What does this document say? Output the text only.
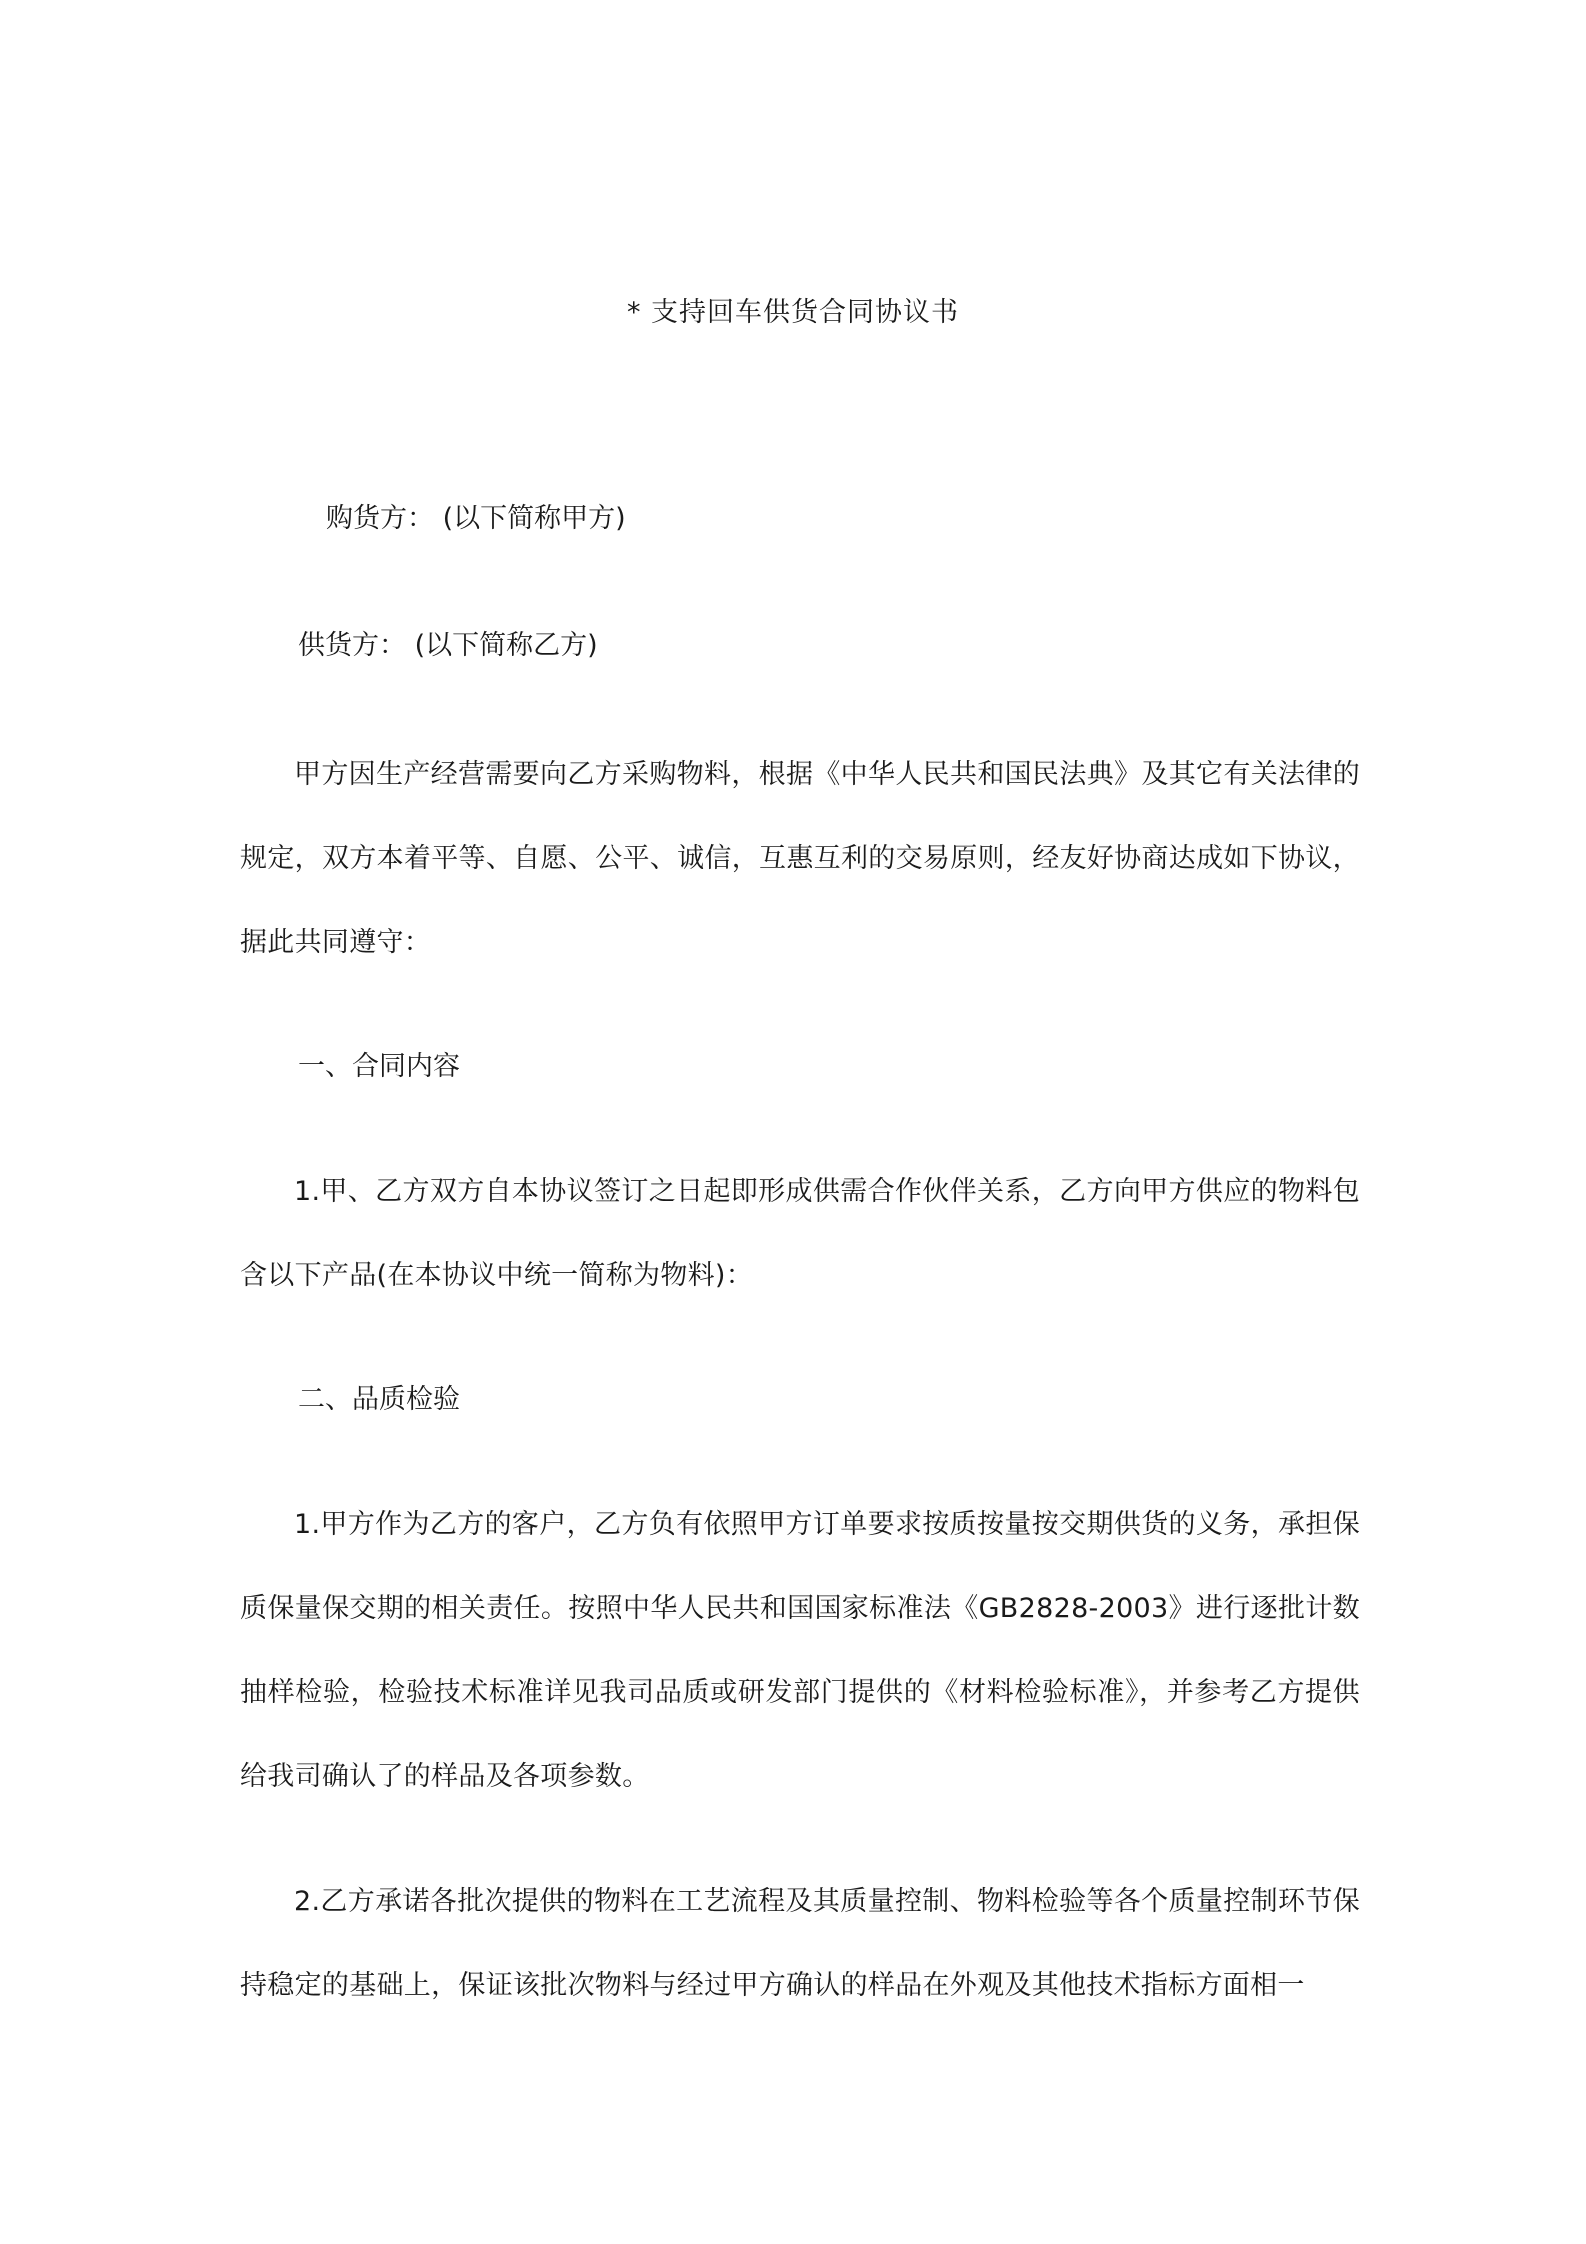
* 支持回车供货合同协议书
购货方： (以下简称甲方)
供货方： (以下简称乙方)
甲方因生产经营需要向乙方采购物料，根据《中华人民共和国民法典》及其它有关法律的规定，双方本着平等、自愿、公平、诚信，互惠互利的交易原则，经友好协商达成如下协议，据此共同遵守：
一、合同内容
1.甲、乙方双方自本协议签订之日起即形成供需合作伙伴关系，乙方向甲方供应的物料包含以下产品(在本协议中统一简称为物料)：
二、品质检验
1.甲方作为乙方的客户，乙方负有依照甲方订单要求按质按量按交期供货的义务，承担保质保量保交期的相关责任。按照中华人民共和国国家标准法《GB2828-2003》进行逐批计数抽样检验，检验技术标准详见我司品质或研发部门提供的《材料检验标准》，并参考乙方提供给我司确认了的样品及各项参数。
2.乙方承诺各批次提供的物料在工艺流程及其质量控制、物料检验等各个质量控制环节保持稳定的基础上，保证该批次物料与经过甲方确认的样品在外观及其他技术指标方面相一
